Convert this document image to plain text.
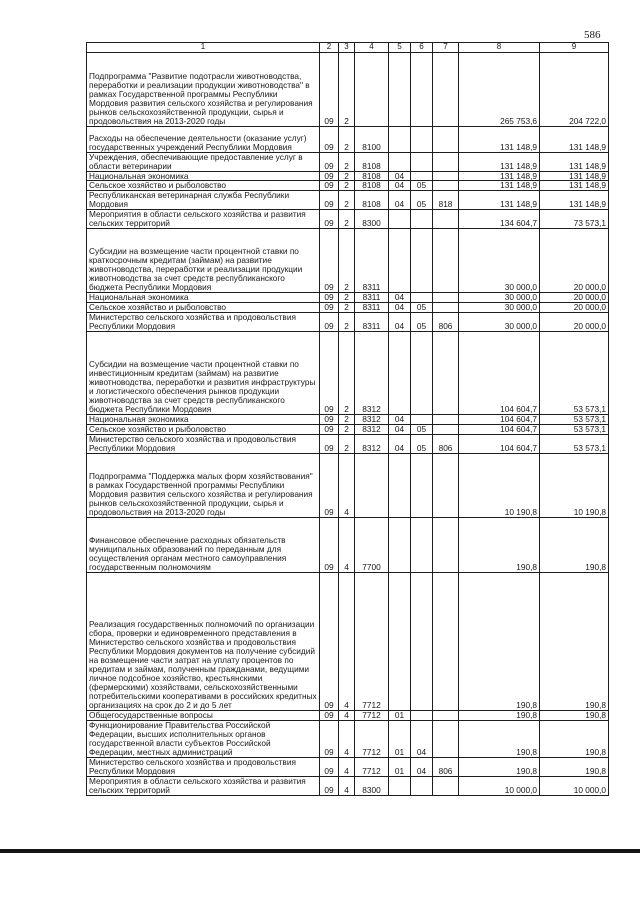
586
1	2	3	4	5	6	7	8	9
Подпрограмма "Развитие подотрасли животноводства, переработки и реализации продукции животноводства" в рамках Государственной программы Республики Мордовия развития сельского хозяйства и регулирования рынков сельскохозяйственной продукции, сырья и продовольствия на 2013-2020 годы	09	2					265 753,6	204 722,0
Расходы на обеспечение деятельности (оказание услуг) государственных учреждений Республики Мордовия	09	2	8100				131 148,9	131 148,9
Учреждения, обеспечивающие предоставление услуг в области ветеринарии	09	2	8108				131 148,9	131 148,9
Национальная экономика	09	2	8108	04			131 148,9	131 148,9
Сельское хозяйство и рыболовство	09	2	8108	04	05		131 148,9	131 148,9
Республиканская ветеринарная служба Республики Мордовия	09	2	8108	04	05	818	131 148,9	131 148,9
Мероприятия в области сельского хозяйства и развития сельских территорий	09	2	8300				134 604,7	73 573,1
Субсидии на возмещение части процентной ставки по краткосрочным кредитам (займам) на развитие животноводства, переработки и реализации продукции животноводства за счет средств республиканского бюджета Республики Мордовия	09	2	8311				30 000,0	20 000,0
Национальная экономика	09	2	8311	04			30 000,0	20 000,0
Сельское хозяйство и рыболовство	09	2	8311	04	05		30 000,0	20 000,0
Министерство сельского хозяйства и продовольствия Республики Мордовия	09	2	8311	04	05	806	30 000,0	20 000,0
Субсидии на возмещение части процентной ставки по инвестиционным кредитам (займам) на развитие животноводства, переработки и развития инфраструктуры и логистического обеспечения рынков продукции животноводства за счет средств республиканского бюджета Республики Мордовия	09	2	8312				104 604,7	53 573,1
Национальная экономика	09	2	8312	04			104 604,7	53 573,1
Сельское хозяйство и рыболовство	09	2	8312	04	05		104 604,7	53 573,1
Министерство сельского хозяйства и продовольствия Республики Мордовия	09	2	8312	04	05	806	104 604,7	53 573,1
Подпрограмма "Поддержка малых форм хозяйствования" в рамках Государственной программы Республики Мордовия развития сельского хозяйства и регулирования рынков сельскохозяйственной продукции, сырья и продовольствия на 2013-2020 годы	09	4					10 190,8	10 190,8
Финансовое обеспечение расходных обязательств муниципальных образований по переданным для осуществления органам местного самоуправления государственным полномочиям	09	4	7700				190,8	190,8
Реализация государственных полномочий по организации сбора, проверки и единовременного представления в Министерство сельского хозяйства и продовольствия Республики Мордовия документов на получение субсидий на возмещение части затрат на уплату процентов по кредитам и займам, полученным гражданами, ведущими личное подсобное хозяйство, крестьянскими (фермерскими) хозяйствами, сельскохозяйственными потребительскими кооперативами в российских кредитных организациях на срок до 2 и до 5 лет	09	4	7712				190,8	190,8
Общегосударственные вопросы	09	4	7712	01			190,8	190,8
Функционирование Правительства Российской Федерации, высших исполнительных органов государственной власти субъектов Российской Федерации, местных администраций	09	4	7712	01	04		190,8	190,8
Министерство сельского хозяйства и продовольствия Республики Мордовия	09	4	7712	01	04	806	190,8	190,8
Мероприятия в области сельского хозяйства и развития сельских территорий	09	4	8300				10 000,0	10 000,0
